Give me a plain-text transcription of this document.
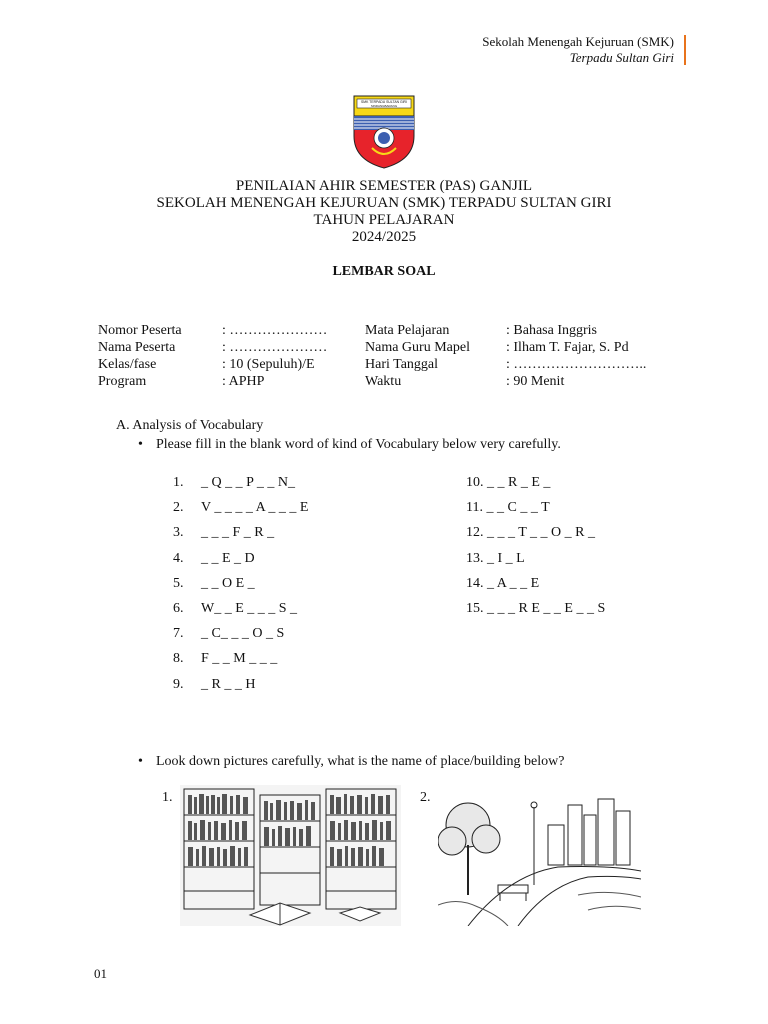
Sekolah Menengah Kejuruan (SMK)
Terpadu Sultan Giri
SMK TERPADU SULTAN GIRI
SINDANGBARANG
PENILAIAN AHIR SEMESTER (PAS) GANJIL
SEKOLAH MENENGAH KEJURUAN (SMK) TERPADU SULTAN GIRI
TAHUN PELAJARAN
2024/2025
LEMBAR SOAL
Nomor Peserta	: …………………	Mata Pelajaran	: Bahasa Inggris
Nama Peserta	: …………………	Nama Guru Mapel	: Ilham T. Fajar, S. Pd
Kelas/fase	: 10 (Sepuluh)/E	Hari Tanggal	: ………………………..
Program	: APHP	Waktu	: 90 Menit
A. Analysis of Vocabulary
• Please fill in the blank word of kind of Vocabulary below very carefully.
1. _ Q _ _ P _ _ N_
2. V _ _ _ _ A _ _ _ E
3. _ _ _ F _ R _
4. _ _ E _ D
5. _ _ O E _
6. W_ _ E _ _ _ S _
7. _ C_ _ _ O _ S
8. F _ _ M _ _ _
9. _ R _ _ H
10. _ _ R _ E _
11. _ _ C _ _ T
12. _ _ _ T _ _ O _ R _
13. _ I _ L
14. _ A _ _ E
15. _ _ _ R E _ _ E _ _ S
• Look down pictures carefully, what is the name of place/building below?
1.	2.
01
